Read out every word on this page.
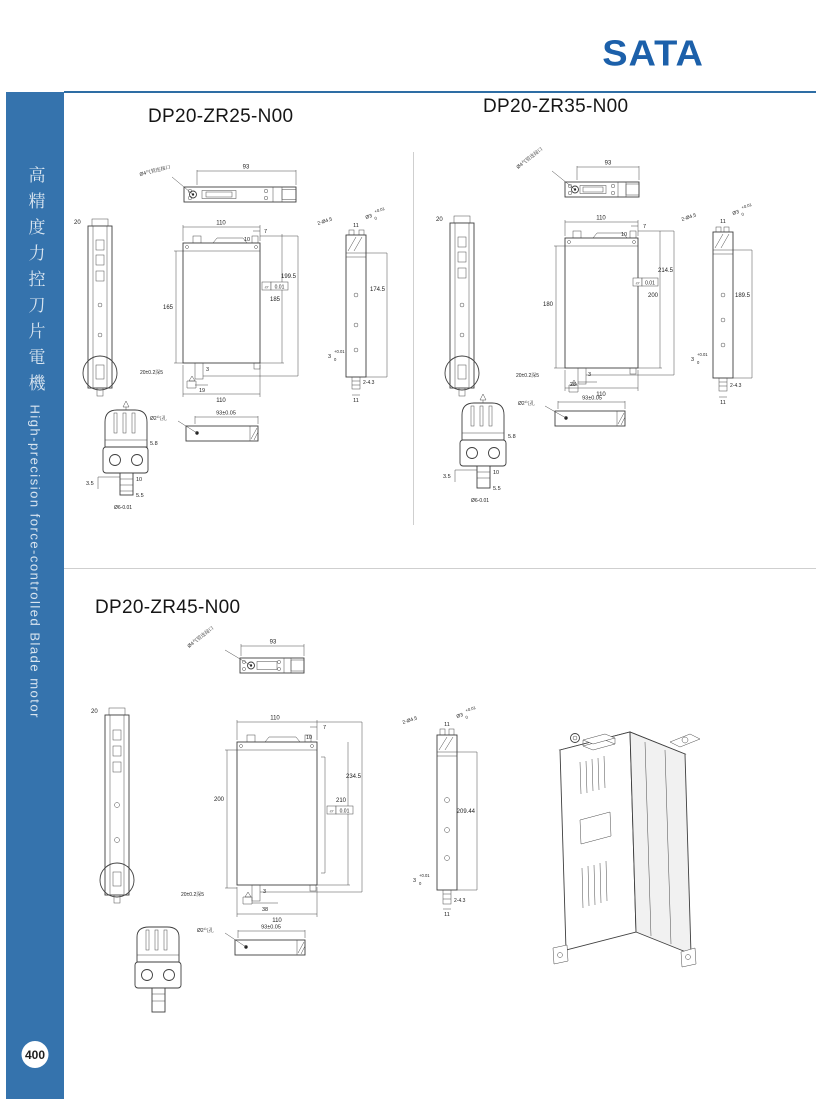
SATA
高精度力控刀片電機 High-precision force-controlled Blade motor
400
DP20-ZR25-N00	DP20-ZR35-N00
DP20-ZR45-N00
Ø4气管连接口	93
20	110
7
10
165
185
199.5
▱ 0.01
20±0.2深5	3
19
110
2-Ø4.5	11
Ø3
+0.01
0
174.5
3
+0.01
0
11
2-4.3
5.8
3.5
10
5.5
Ø6-0.01
93±0.05
Ø2气孔
Ø4气管连接口	93
20	110
7
10
180
200
214.5
▱ 0.01
20±0.2深5	3
28
110
2-Ø4.5	11
Ø3
+0.01
0
189.5
3
+0.01
0
11
2-4.3
5.8
3.5
10
5.5
Ø6-0.01
93±0.05
Ø2气孔
Ø4气管连接口	93
20
110
7
10
200	210
234.5
▱ 0.01
20±0.2深5	3
38
110
2-Ø4.5	11
Ø3
+0.01
0
209.44
3
+0.01
0
11
2-4.3
93±0.05
Ø2气孔
